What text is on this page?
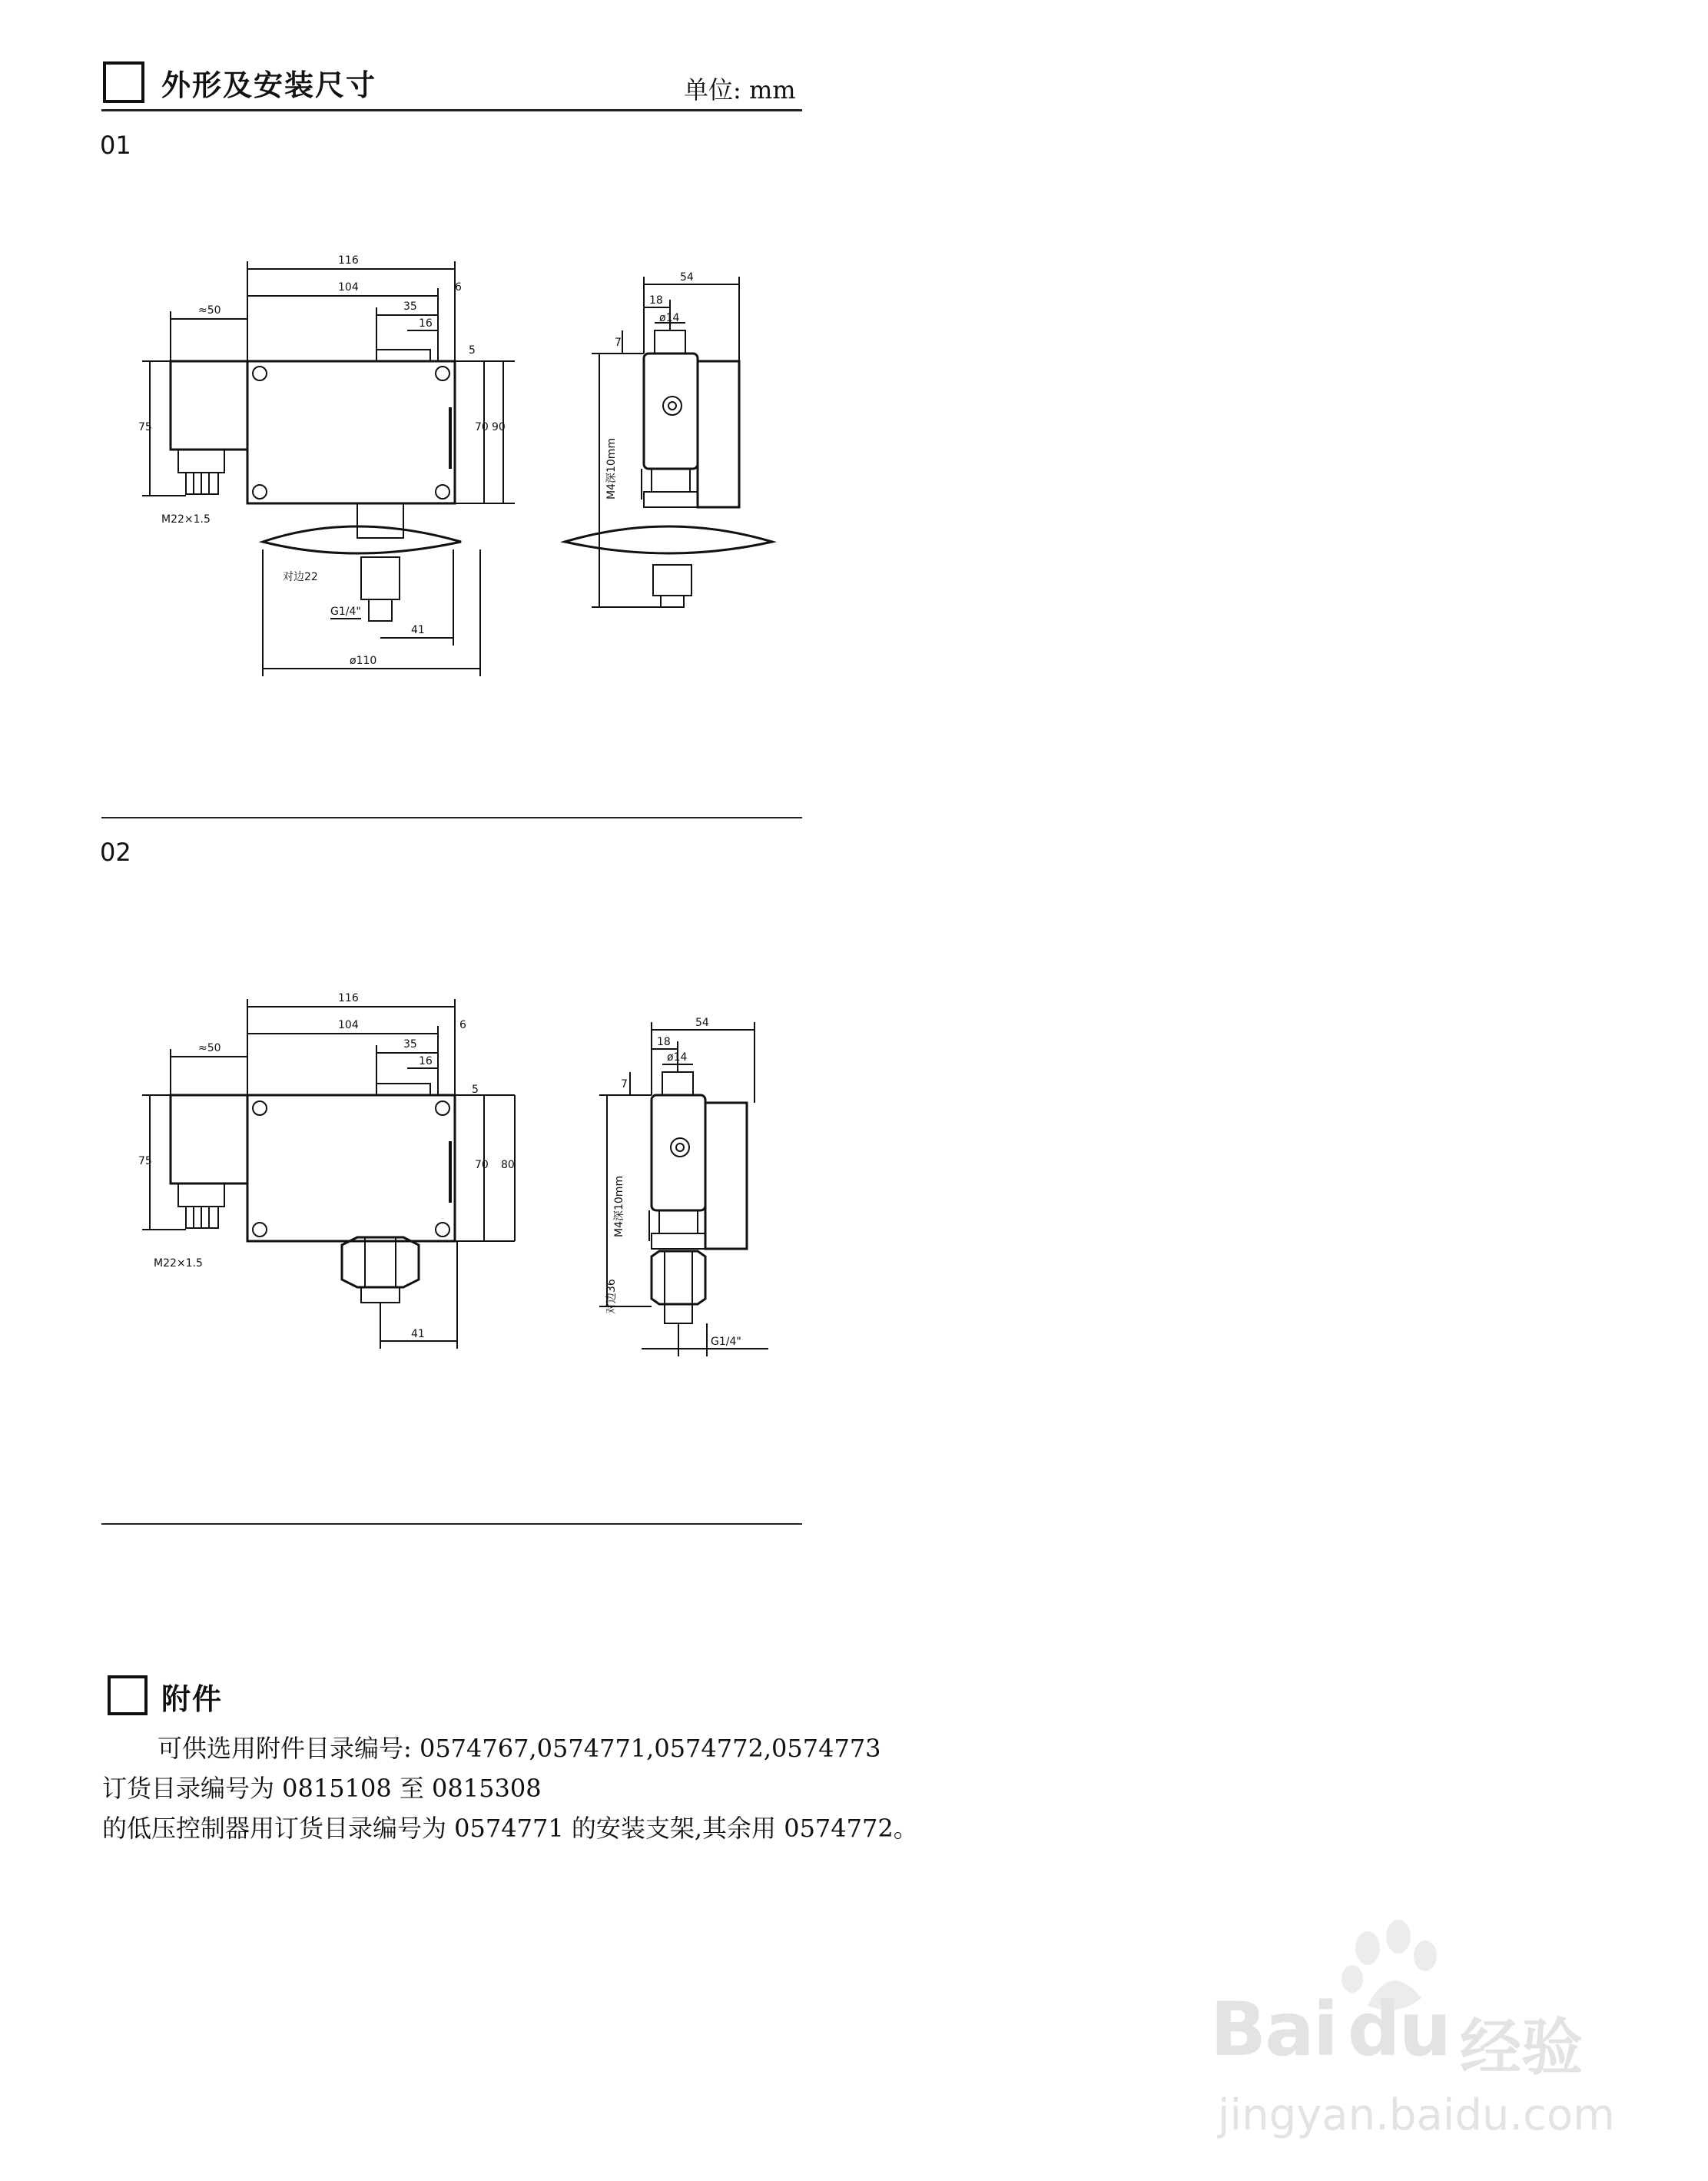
外形及安装尺寸	单位: mm
01
116
104
35
16
6
≈50
5
70 90
75
M22×1.5
对边22
G1/4"
41
ø110
54
18
ø14
7
M4深10mm
02
116
104
35
16
6
≈50
5
70 80
75
M22×1.5
41
54
18
ø14
7
M4深10mm
对边36
G1/4"
附件
可供选用附件目录编号: 0574767,0574771,0574772,0574773
订货目录编号为 0815108 至 0815308
的低压控制器用订货目录编号为 0574771 的安装支架,其余用 0574772。
Bai du 经验
jingyan.baidu.com
